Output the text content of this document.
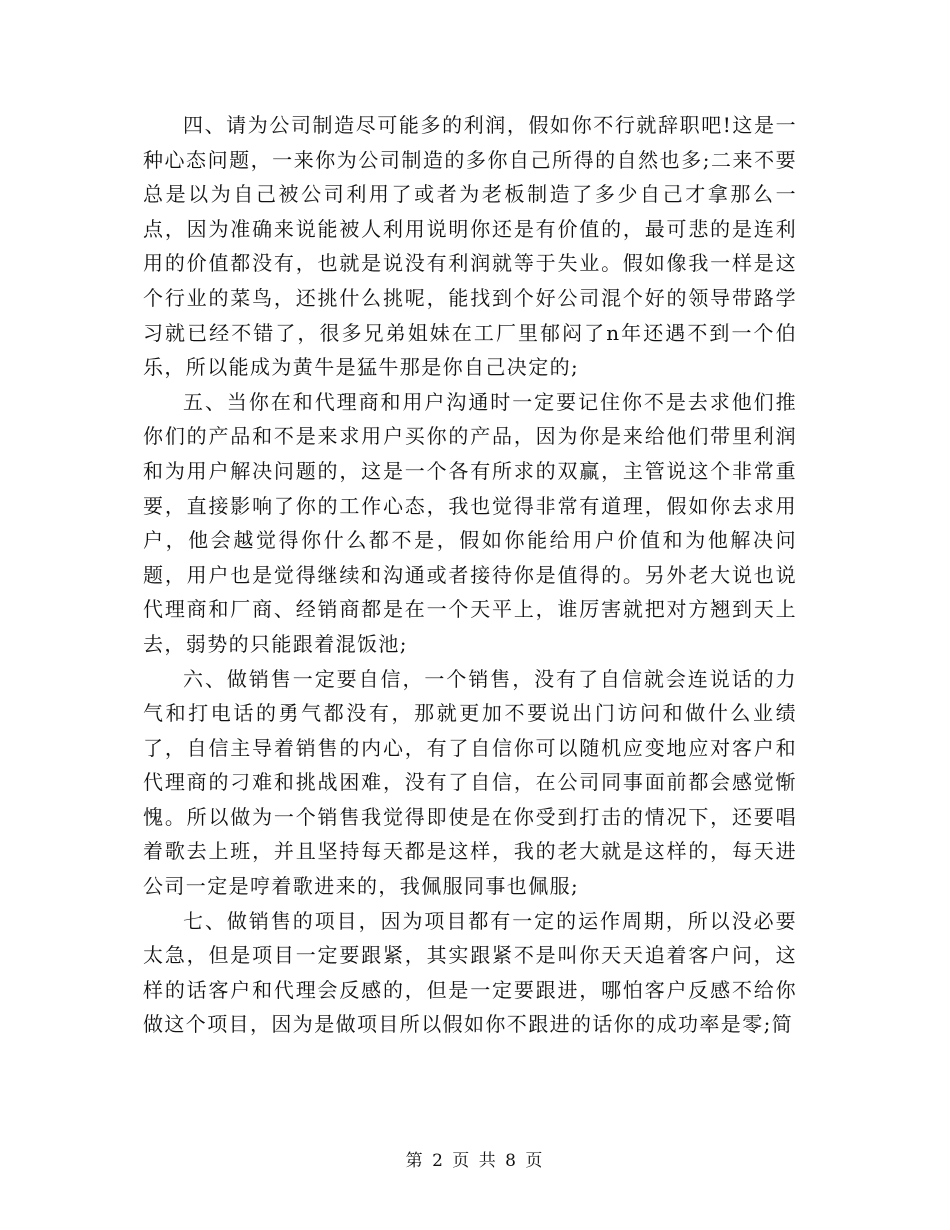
四、请为公司制造尽可能多的利润，假如你不行就辞职吧!这是一种心态问题，一来你为公司制造的多你自己所得的自然也多;二来不要总是以为自己被公司利用了或者为老板制造了多少自己才拿那么一点，因为准确来说能被人利用说明你还是有价值的，最可悲的是连利用的价值都没有，也就是说没有利润就等于失业。假如像我一样是这个行业的菜鸟，还挑什么挑呢，能找到个好公司混个好的领导带路学习就已经不错了，很多兄弟姐妹在工厂里郁闷了n年还遇不到一个伯乐，所以能成为黄牛是猛牛那是你自己决定的;

五、当你在和代理商和用户沟通时一定要记住你不是去求他们推你们的产品和不是来求用户买你的产品，因为你是来给他们带里利润和为用户解决问题的，这是一个各有所求的双赢，主管说这个非常重要，直接影响了你的工作心态，我也觉得非常有道理，假如你去求用户，他会越觉得你什么都不是，假如你能给用户价值和为他解决问题，用户也是觉得继续和沟通或者接待你是值得的。另外老大说也说代理商和厂商、经销商都是在一个天平上，谁厉害就把对方翘到天上去，弱势的只能跟着混饭池;

六、做销售一定要自信，一个销售，没有了自信就会连说话的力气和打电话的勇气都没有，那就更加不要说出门访问和做什么业绩了，自信主导着销售的内心，有了自信你可以随机应变地应对客户和代理商的刁难和挑战困难，没有了自信，在公司同事面前都会感觉惭愧。所以做为一个销售我觉得即使是在你受到打击的情况下，还要唱着歌去上班，并且坚持每天都是这样，我的老大就是这样的，每天进公司一定是哼着歌进来的，我佩服同事也佩服;

七、做销售的项目，因为项目都有一定的运作周期，所以没必要太急，但是项目一定要跟紧，其实跟紧不是叫你天天追着客户问，这样的话客户和代理会反感的，但是一定要跟进，哪怕客户反感不给你做这个项目，因为是做项目所以假如你不跟进的话你的成功率是零;简

第 2 页 共 8 页
